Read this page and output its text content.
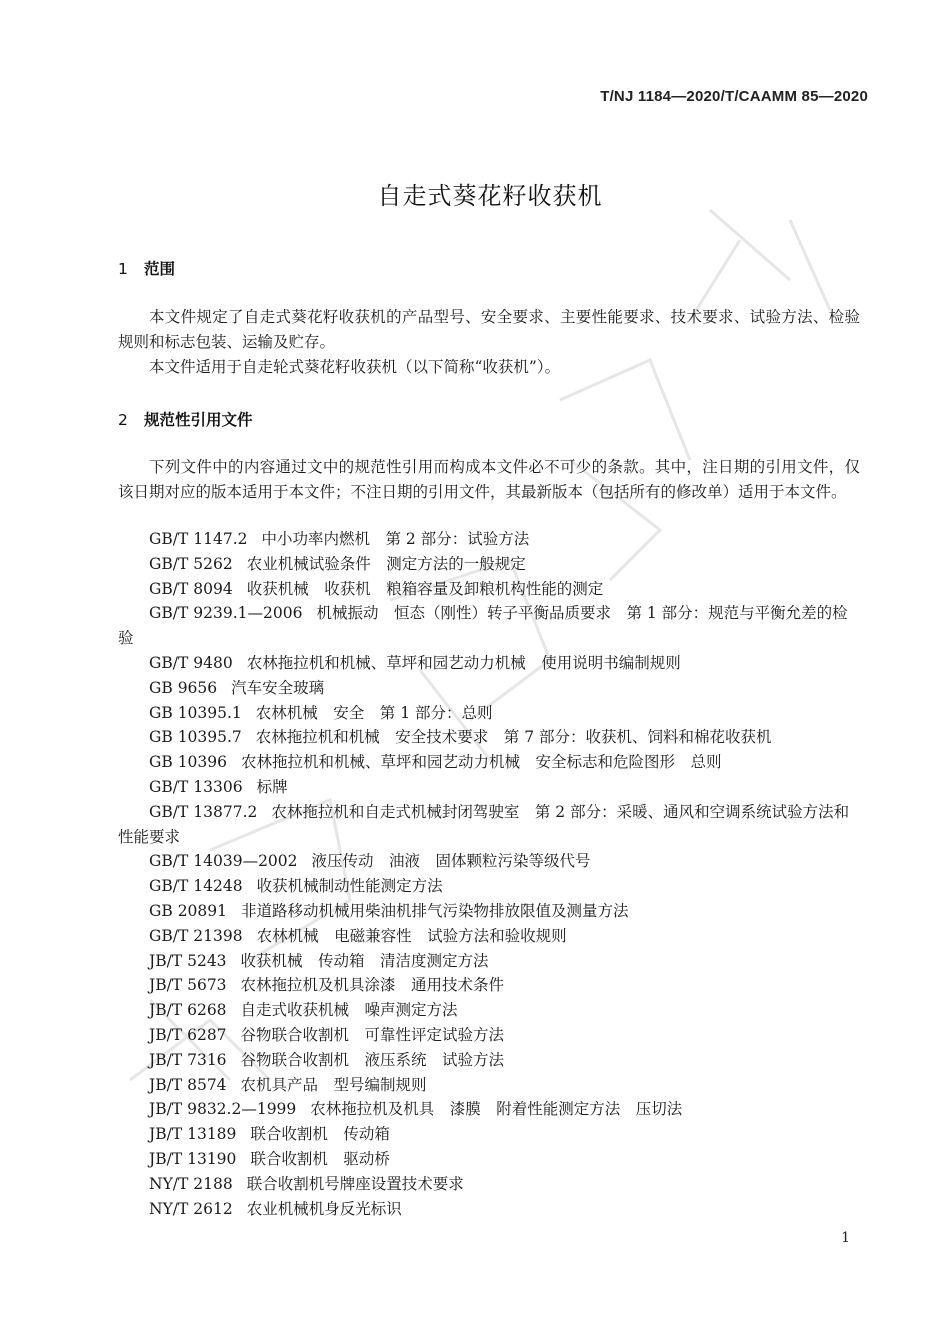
T/NJ 1184—2020/T/CAAMM 85—2020
自走式葵花籽收获机
1 范围
本文件规定了自走式葵花籽收获机的产品型号、安全要求、主要性能要求、技术要求、试验方法、检验规则和标志包装、运输及贮存。
本文件适用于自走轮式葵花籽收获机（以下简称“收获机”）。
2 规范性引用文件
下列文件中的内容通过文中的规范性引用而构成本文件必不可少的条款。其中，注日期的引用文件，仅该日期对应的版本适用于本文件；不注日期的引用文件，其最新版本（包括所有的修改单）适用于本文件。
GB/T 1147.2 中小功率内燃机　第 2 部分：试验方法
GB/T 5262 农业机械试验条件　测定方法的一般规定
GB/T 8094 收获机械　收获机　粮箱容量及卸粮机构性能的测定
GB/T 9239.1—2006 机械振动　恒态（刚性）转子平衡品质要求　第 1 部分：规范与平衡允差的检验
GB/T 9480 农林拖拉机和机械、草坪和园艺动力机械　使用说明书编制规则
GB 9656 汽车安全玻璃
GB 10395.1 农林机械　安全　第 1 部分：总则
GB 10395.7 农林拖拉机和机械　安全技术要求　第 7 部分：收获机、饲料和棉花收获机
GB 10396 农林拖拉机和机械、草坪和园艺动力机械　安全标志和危险图形　总则
GB/T 13306 标牌
GB/T 13877.2 农林拖拉机和自走式机械封闭驾驶室　第 2 部分：采暖、通风和空调系统试验方法和性能要求
GB/T 14039—2002 液压传动　油液　固体颗粒污染等级代号
GB/T 14248 收获机械制动性能测定方法
GB 20891 非道路移动机械用柴油机排气污染物排放限值及测量方法
GB/T 21398 农林机械　电磁兼容性　试验方法和验收规则
JB/T 5243 收获机械　传动箱　清洁度测定方法
JB/T 5673 农林拖拉机及机具涂漆　通用技术条件
JB/T 6268 自走式收获机械　噪声测定方法
JB/T 6287 谷物联合收割机　可靠性评定试验方法
JB/T 7316 谷物联合收割机　液压系统　试验方法
JB/T 8574 农机具产品　型号编制规则
JB/T 9832.2—1999 农林拖拉机及机具　漆膜　附着性能测定方法　压切法
JB/T 13189 联合收割机　传动箱
JB/T 13190 联合收割机　驱动桥
NY/T 2188 联合收割机号牌座设置技术要求
NY/T 2612 农业机械机身反光标识
1
